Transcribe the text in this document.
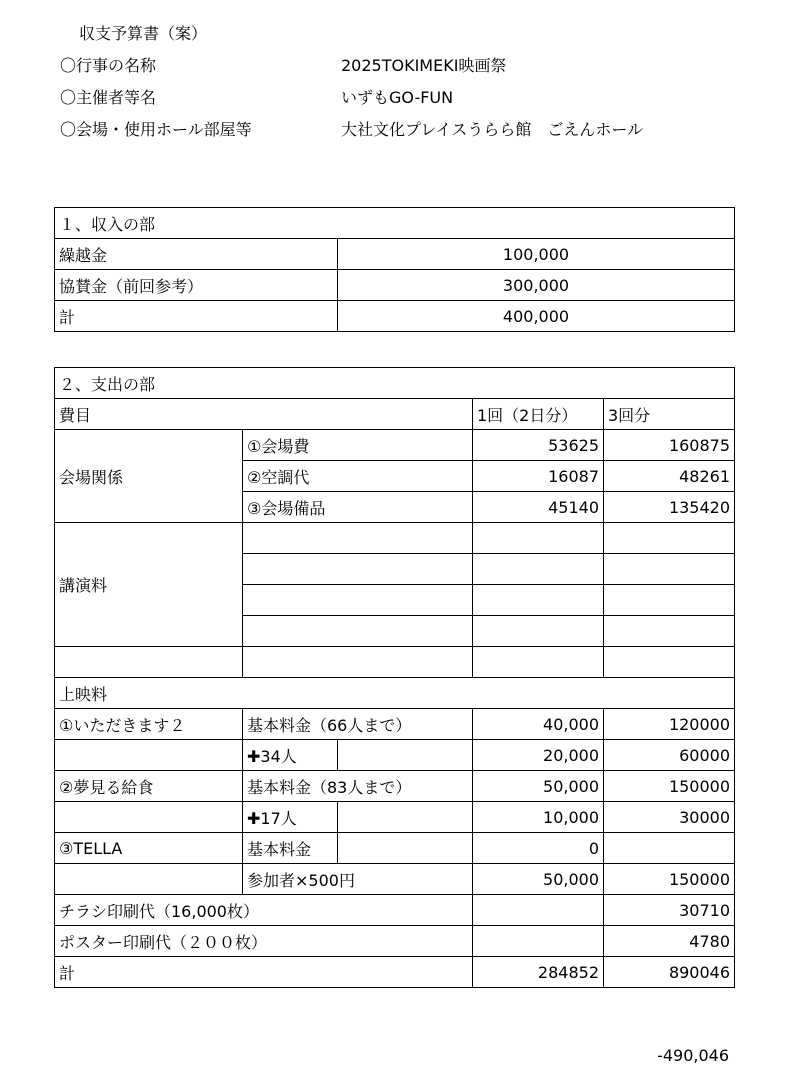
収支予算書（案）
〇行事の名称	2025TOKIMEKI映画祭
〇主催者等名	いずもGO-FUN
〇会場・使用ホール部屋等	大社文化プレイスうらら館　ごえんホール
１、収入の部	
繰越金	100,000
協賛金（前回参考）	300,000
計	400,000
２、支出の部				
費目			1回（2日分）	3回分
会場関係	①会場費		53625	160875
	②空調代		16087	48261
	③会場備品		45140	135420
講演料				

上映料				
①いただきます２	基本料金（66人まで）		40,000	120000
	✚34人		20,000	60000
②夢見る給食	基本料金（83人まで）		50,000	150000
	✚17人		10,000	30000
③TELLA	基本料金		0	
	参加者×500円		50,000	150000
チラシ印刷代（16,000枚）				30710
ポスター印刷代（２００枚）				4780
計			284852	890046
-490,046
